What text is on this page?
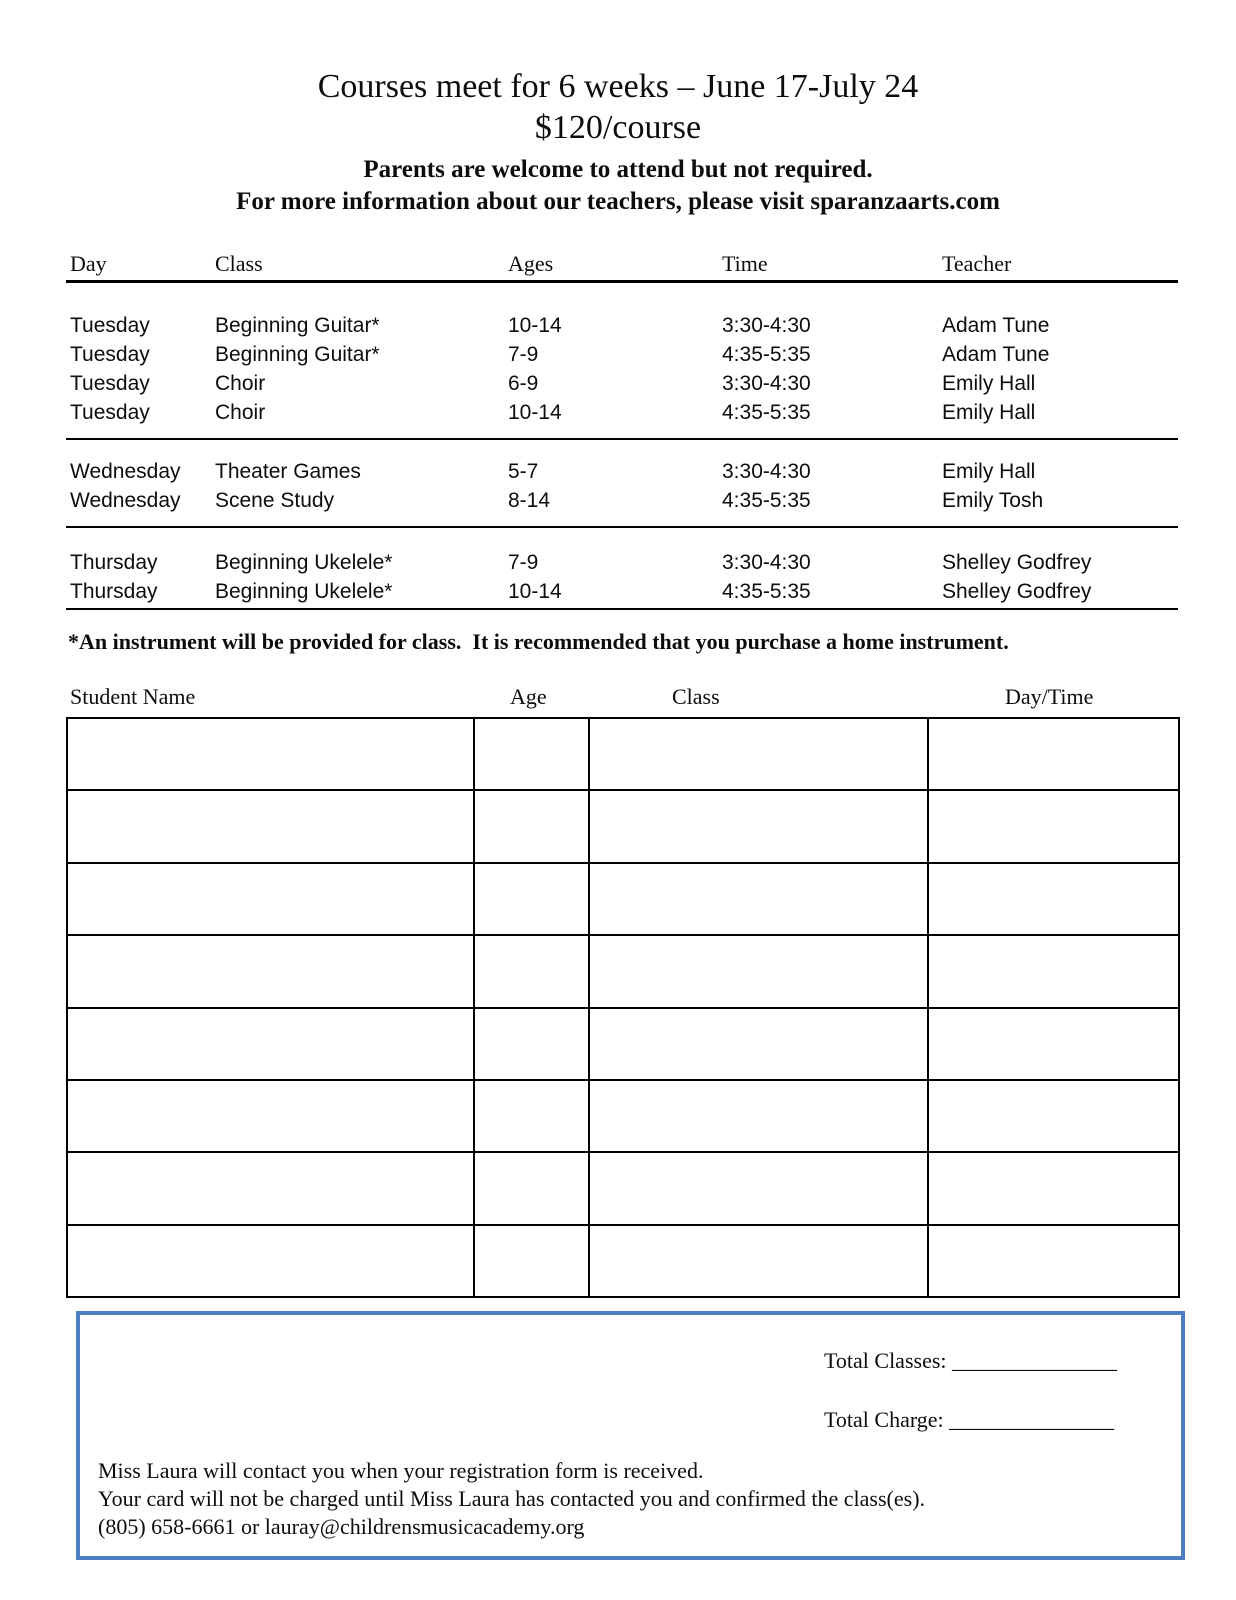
Courses meet for 6 weeks – June 17-July 24
$120/course
Parents are welcome to attend but not required.
For more information about our teachers, please visit sparanzaarts.com
Day	Class	Ages	Time	Teacher
Tuesday	Beginning Guitar*	10-14	3:30-4:30	Adam Tune
Tuesday	Beginning Guitar*	7-9	4:35-5:35	Adam Tune
Tuesday	Choir	6-9	3:30-4:30	Emily Hall
Tuesday	Choir	10-14	4:35-5:35	Emily Hall
Wednesday	Theater Games	5-7	3:30-4:30	Emily Hall
Wednesday	Scene Study	8-14	4:35-5:35	Emily Tosh
Thursday	Beginning Ukelele*	7-9	3:30-4:30	Shelley Godfrey
Thursday	Beginning Ukelele*	10-14	4:35-5:35	Shelley Godfrey
*An instrument will be provided for class.  It is recommended that you purchase a home instrument.
Student Name	Age	Class	Day/Time

Total Classes: _______________
Total Charge: _______________
Miss Laura will contact you when your registration form is received.
Your card will not be charged until Miss Laura has contacted you and confirmed the class(es).
(805) 658-6661 or lauray@childrensmusicacademy.org
